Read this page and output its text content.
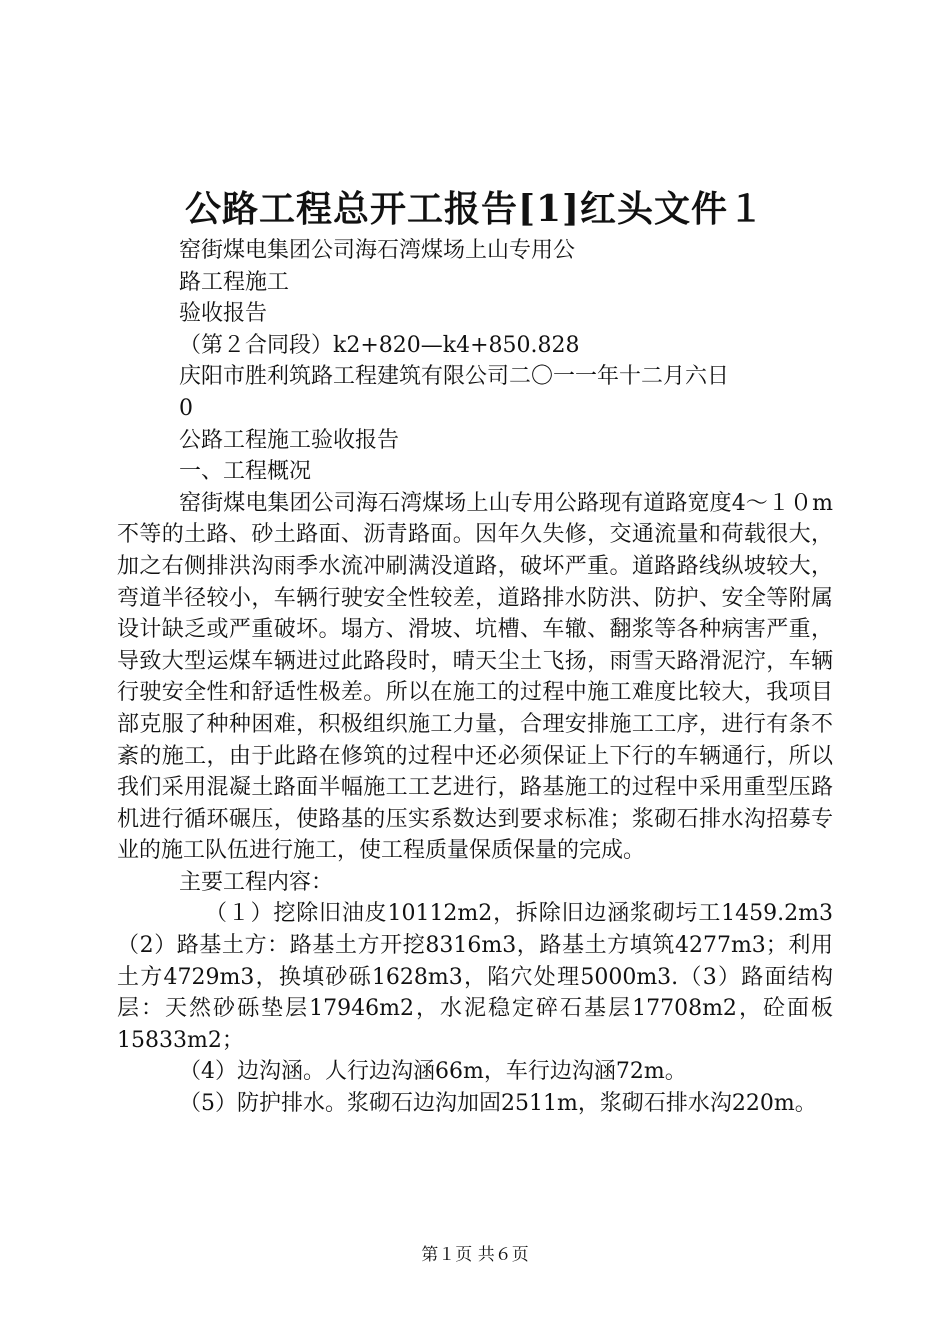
公路工程总开工报告[1]红头文件１

窑街煤电集团公司海石湾煤场上山专用公

路工程施工

验收报告

（第２合同段）k2+820—k4+850.828

庆阳市胜利筑路工程建筑有限公司二〇一一年十二月六日

0

公路工程施工验收报告

一、工程概况

窑街煤电集团公司海石湾煤场上山专用公路现有道路宽度4～１０m不等的土路、砂土路面、沥青路面。因年久失修，交通流量和荷载很大，加之右侧排洪沟雨季水流冲刷满没道路，破坏严重。道路路线纵坡较大，弯道半径较小，车辆行驶安全性较差，道路排水防洪、防护、安全等附属设计缺乏或严重破坏。塌方、滑坡、坑槽、车辙、翻浆等各种病害严重，导致大型运煤车辆进过此路段时，晴天尘土飞扬，雨雪天路滑泥泞，车辆行驶安全性和舒适性极差。所以在施工的过程中施工难度比较大，我项目部克服了种种困难，积极组织施工力量，合理安排施工工序，进行有条不紊的施工，由于此路在修筑的过程中还必须保证上下行的车辆通行，所以我们采用混凝土路面半幅施工工艺进行，路基施工的过程中采用重型压路机进行循环碾压，使路基的压实系数达到要求标准；浆砌石排水沟招募专业的施工队伍进行施工，使工程质量保质保量的完成。

主要工程内容：

（１）挖除旧油皮10112m2，拆除旧边涵浆砌圬工1459.2m3（2）路基土方：路基土方开挖8316m3，路基土方填筑4277m3；利用土方4729m3，换填砂砾1628m3，陷穴处理5000m3.（3）路面结构层：天然砂砾垫层17946m2，水泥稳定碎石基层17708m2，砼面板15833m2；

（4）边沟涵。人行边沟涵66m，车行边沟涵72m。

（5）防护排水。浆砌石边沟加固2511m，浆砌石排水沟220m。

第１页 共６页
